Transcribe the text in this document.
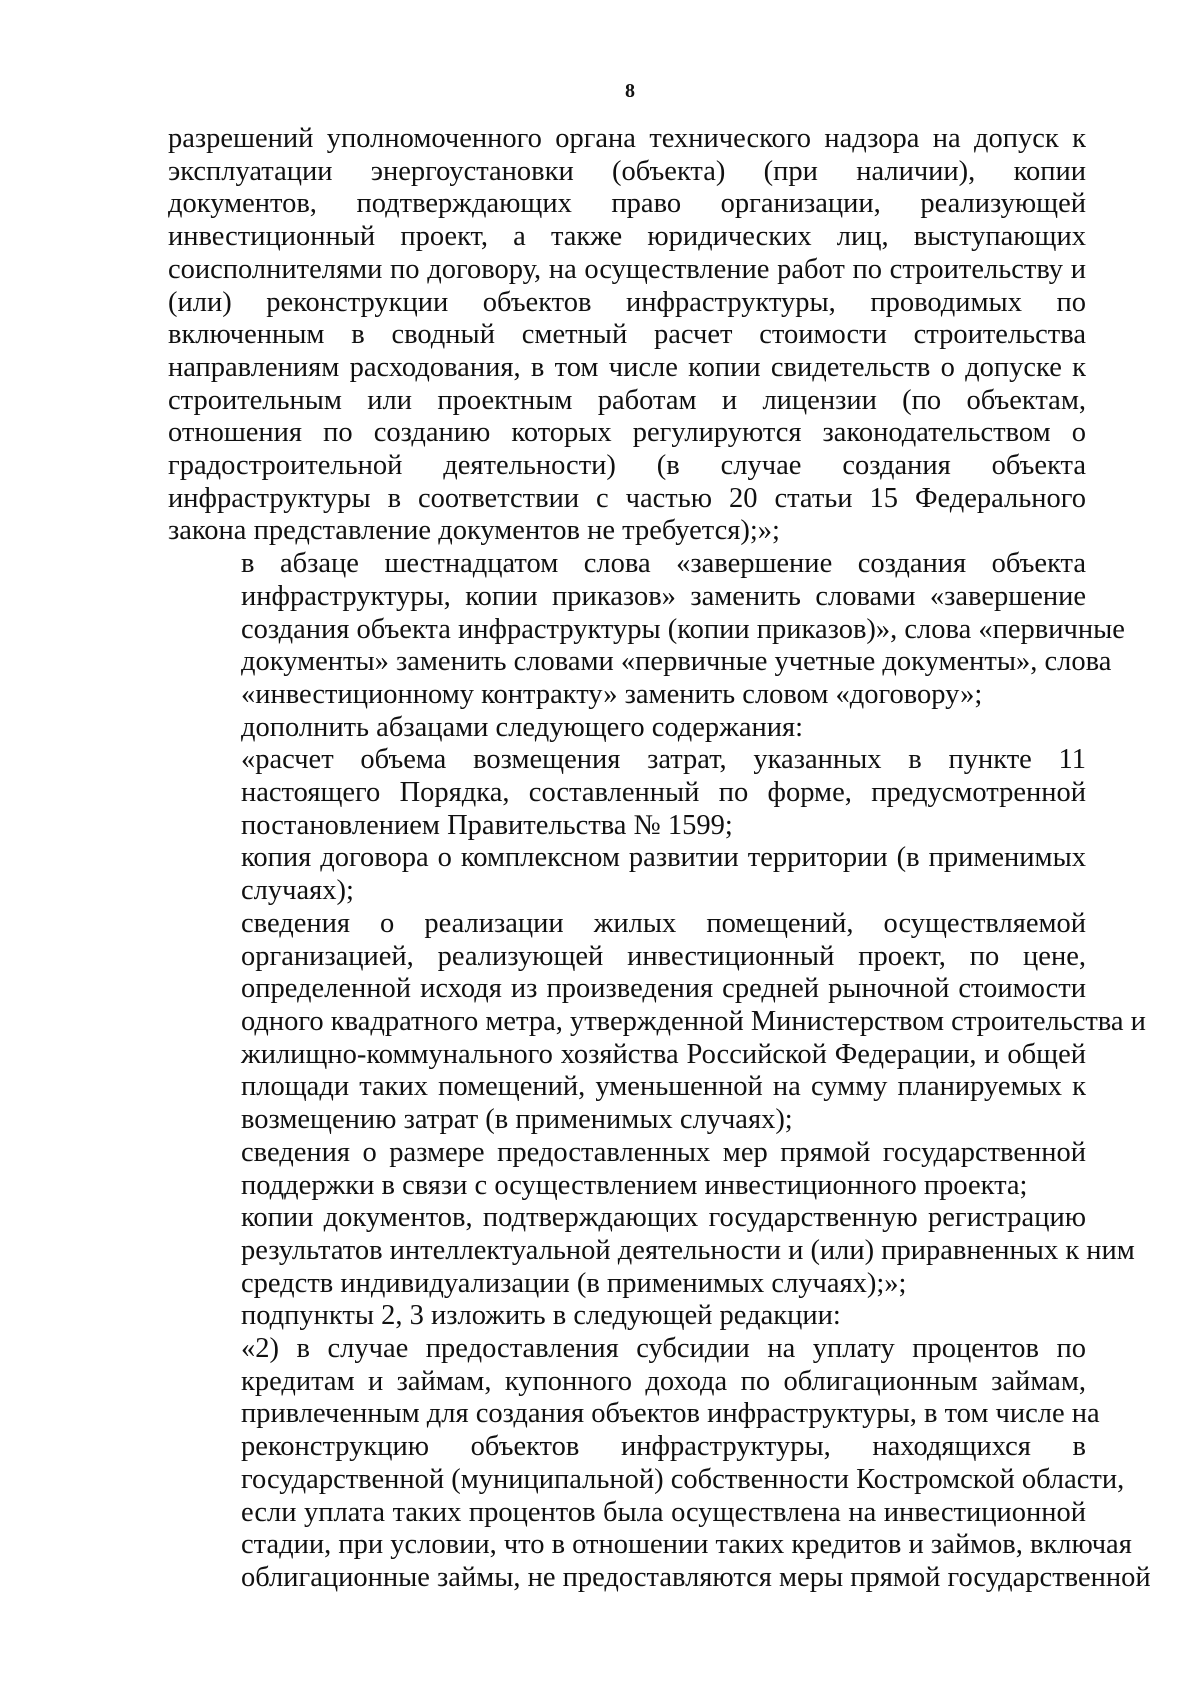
8

разрешений уполномоченного органа технического надзора на допуск к
эксплуатации энергоустановки (объекта) (при наличии), копии
документов, подтверждающих право организации, реализующей
инвестиционный проект, а также юридических лиц, выступающих
соисполнителями по договору, на осуществление работ по строительству и
(или) реконструкции объектов инфраструктуры, проводимых по
включенным в сводный сметный расчет стоимости строительства
направлениям расходования, в том числе копии свидетельств о допуске к
строительным или проектным работам и лицензии (по объектам,
отношения по созданию которых регулируются законодательством о
градостроительной деятельности) (в случае создания объекта
инфраструктуры в соответствии с частью 20 статьи 15 Федерального
закона представление документов не требуется);»;

в абзаце шестнадцатом слова «завершение создания объекта
инфраструктуры, копии приказов» заменить словами «завершение
создания объекта инфраструктуры (копии приказов)», слова «первичные
документы» заменить словами «первичные учетные документы», слова
«инвестиционному контракту» заменить словом «договору»;

дополнить абзацами следующего содержания:

«расчет объема возмещения затрат, указанных в пункте 11
настоящего Порядка, составленный по форме, предусмотренной
постановлением Правительства № 1599;

копия договора о комплексном развитии территории (в применимых
случаях);

сведения о реализации жилых помещений, осуществляемой
организацией, реализующей инвестиционный проект, по цене,
определенной исходя из произведения средней рыночной стоимости
одного квадратного метра, утвержденной Министерством строительства и
жилищно-коммунального хозяйства Российской Федерации, и общей
площади таких помещений, уменьшенной на сумму планируемых к
возмещению затрат (в применимых случаях);

сведения о размере предоставленных мер прямой государственной
поддержки в связи с осуществлением инвестиционного проекта;

копии документов, подтверждающих государственную регистрацию
результатов интеллектуальной деятельности и (или) приравненных к ним
средств индивидуализации (в применимых случаях);»;

подпункты 2, 3 изложить в следующей редакции:

«2) в случае предоставления субсидии на уплату процентов по
кредитам и займам, купонного дохода по облигационным займам,
привлеченным для создания объектов инфраструктуры, в том числе на
реконструкцию объектов инфраструктуры, находящихся в
государственной (муниципальной) собственности Костромской области,
если уплата таких процентов была осуществлена на инвестиционной
стадии, при условии, что в отношении таких кредитов и займов, включая
облигационные займы, не предоставляются меры прямой государственной
